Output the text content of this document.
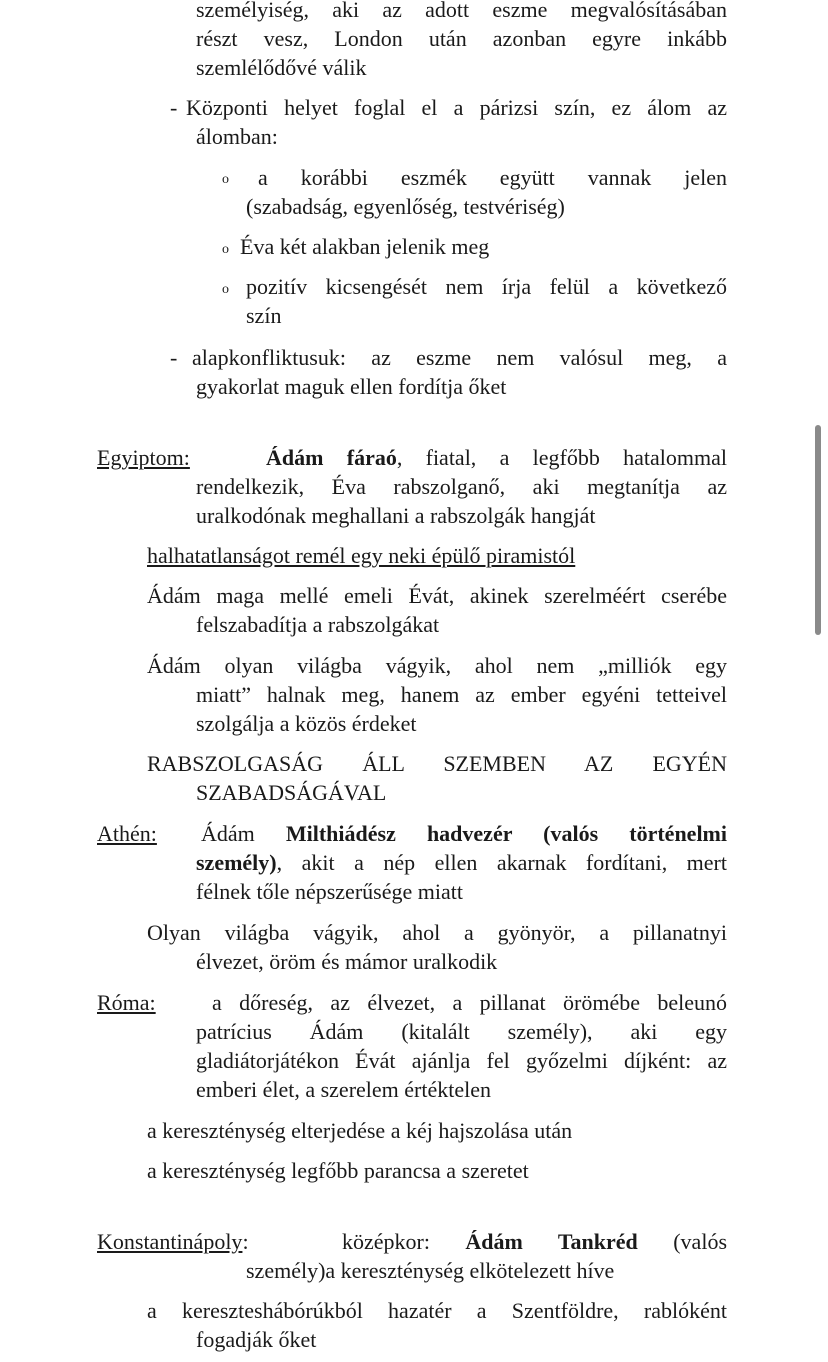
személyiség, aki az adott eszme megvalósításában
részt vesz, London után azonban egyre inkább
szemlélődővé válik
- Központi helyet foglal el a párizsi szín, ez álom az
álomban:
o	a korábbi eszmék együtt vannak jelen
(szabadság, egyenlőség, testvériség)
o Éva két alakban jelenik meg
o pozitív kicsengését nem írja felül a következő
szín
- alapkonfliktusuk: az eszme nem valósul meg, a
gyakorlat maguk ellen fordítja őket
Egyiptom:	Ádám fáraó, fiatal, a legfőbb hatalommal
rendelkezik, Éva rabszolganő, aki megtanítja az
uralkodónak meghallani a rabszolgák hangját
halhatatlanságot remél egy neki épülő piramistól
Ádám maga mellé emeli Évát, akinek szerelméért cserébe
felszabadítja a rabszolgákat
Ádám olyan világba vágyik, ahol nem „milliók egy
miatt” halnak meg, hanem az ember egyéni tetteivel
szolgálja a közös érdeket
RABSZOLGASÁG ÁLL SZEMBEN AZ EGYÉN
SZABADSÁGÁVAL
Athén: Ádám Milthiádész hadvezér (valós történelmi
személy), akit a nép ellen akarnak fordítani, mert
félnek tőle népszerűsége miatt
Olyan világba vágyik, ahol a gyönyör, a pillanatnyi
élvezet, öröm és mámor uralkodik
Róma:	a dőreség, az élvezet, a pillanat örömébe beleunó
patrícius Ádám (kitalált személy), aki egy
gladiátorjátékon Évát ajánlja fel győzelmi díjként: az
emberi élet, a szerelem értéktelen
a kereszténység elterjedése a kéj hajszolása után
a kereszténység legfőbb parancsa a szeretet
Konstantinápoly:	középkor: Ádám Tankréd (valós
személy)a kereszténység elkötelezett híve
a kereszteshábórúkból hazatér a Szentföldre, rablóként
fogadják őket
